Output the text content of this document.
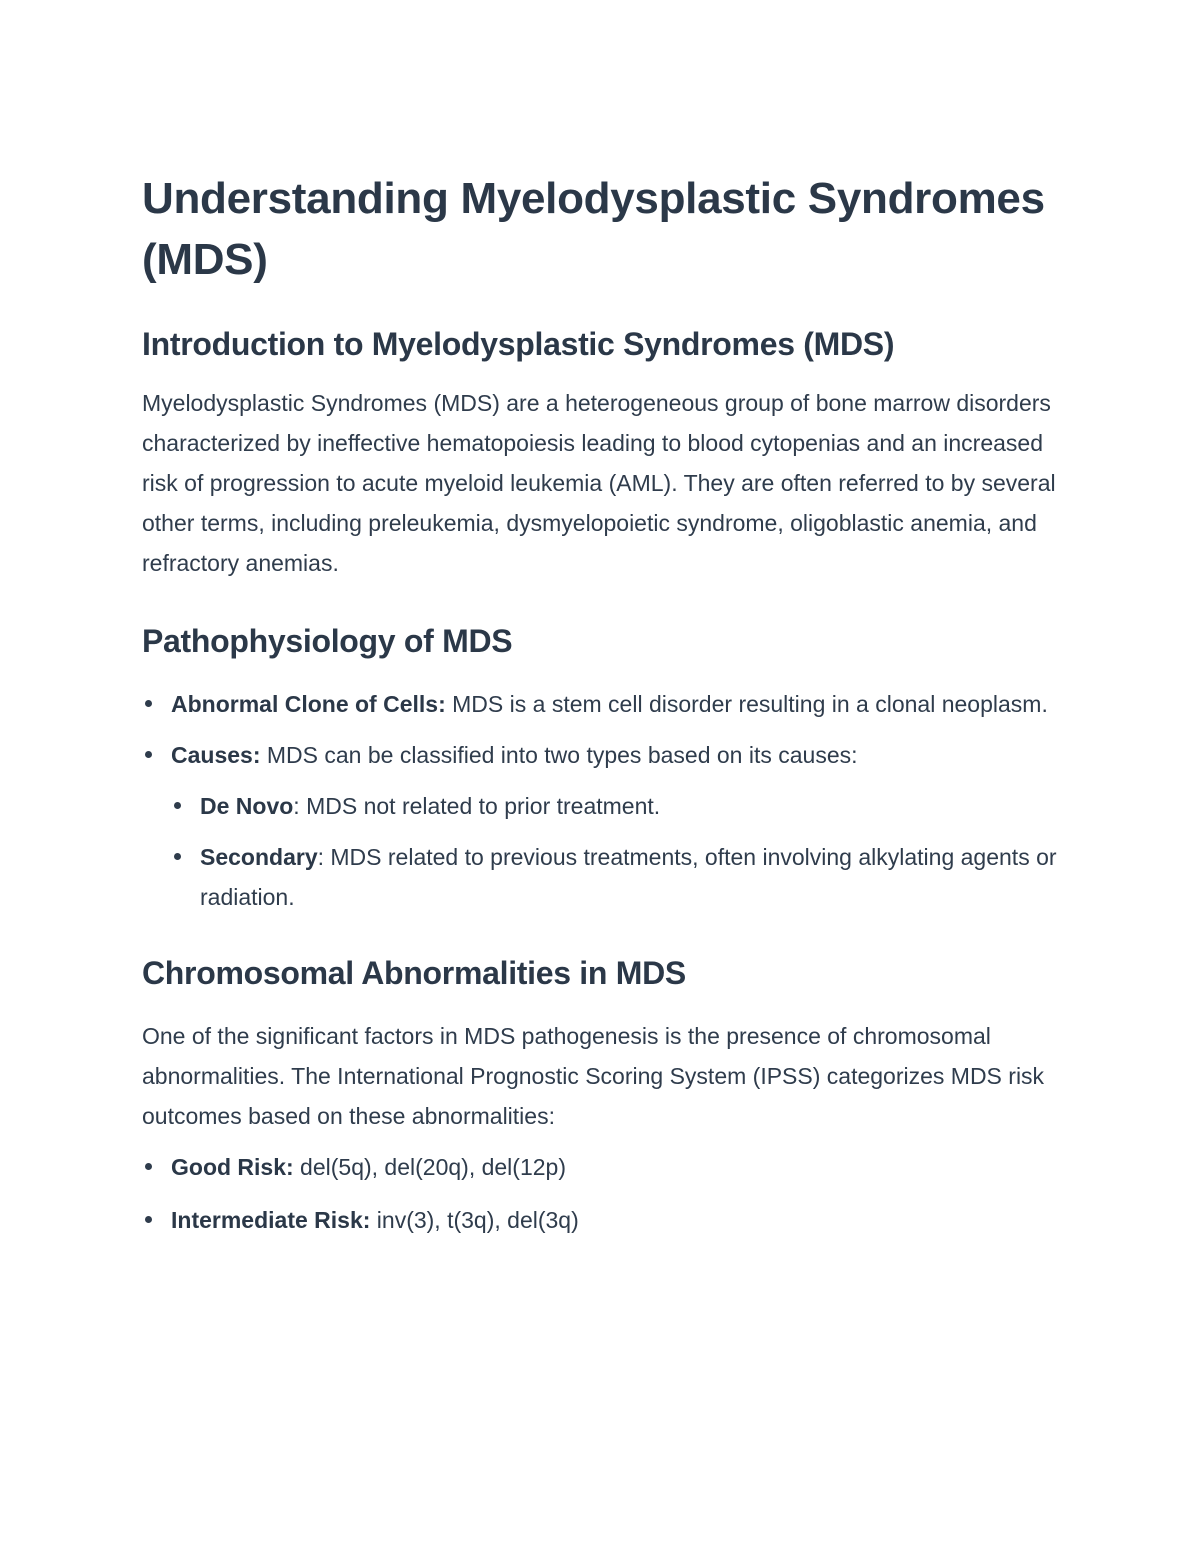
Understanding Myelodysplastic Syndromes (MDS)
Introduction to Myelodysplastic Syndromes (MDS)

Myelodysplastic Syndromes (MDS) are a heterogeneous group of bone marrow disorders characterized by ineffective hematopoiesis leading to blood cytopenias and an increased risk of progression to acute myeloid leukemia (AML). They are often referred to by several other terms, including preleukemia, dysmyelopoietic syndrome, oligoblastic anemia, and refractory anemias.

Pathophysiology of MDS
Abnormal Clone of Cells: MDS is a stem cell disorder resulting in a clonal neoplasm.
Causes: MDS can be classified into two types based on its causes:
De Novo: MDS not related to prior treatment.
Secondary: MDS related to previous treatments, often involving alkylating agents or radiation.
Chromosomal Abnormalities in MDS

One of the significant factors in MDS pathogenesis is the presence of chromosomal abnormalities. The International Prognostic Scoring System (IPSS) categorizes MDS risk outcomes based on these abnormalities:

Good Risk: del(5q), del(20q), del(12p)
Intermediate Risk: inv(3), t(3q), del(3q)
